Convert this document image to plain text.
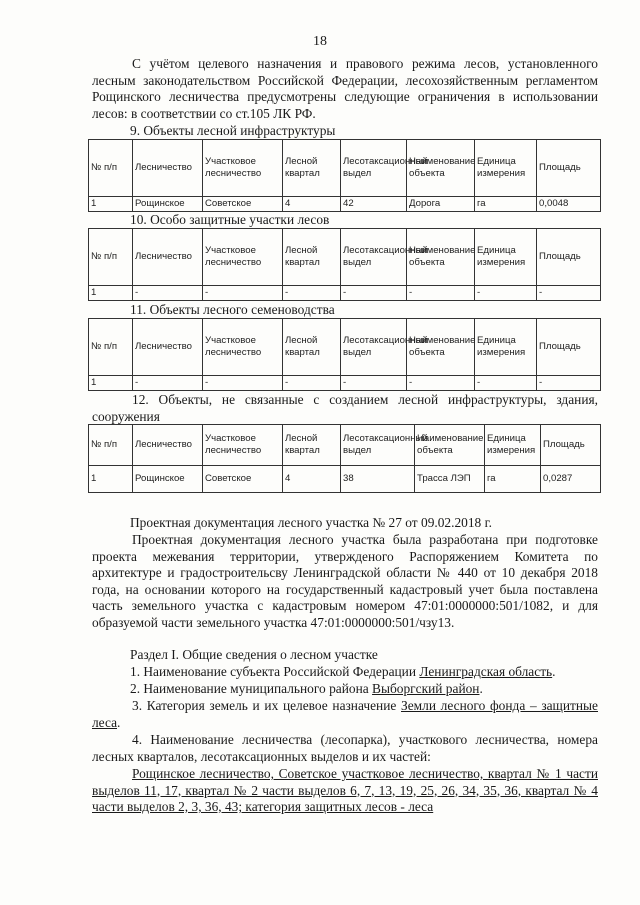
18
С учётом целевого назначения и правового режима лесов, установленного лесным законодательством Российской Федерации, лесохозяйственным регламентом Рощинского лесничества предусмотрены следующие ограничения в использовании лесов: в соответствии со ст.105 ЛК РФ.
9. Объекты лесной инфраструктуры
№ п/п	Лесничество	Участковое лесничество	Лесной квартал	Лесотаксационный выдел	Наименование объекта	Единица измерения	Площадь
1	Рощинское	Советское	4	42	Дорога	га	0,0048
10. Особо защитные участки лесов
№ п/п	Лесничество	Участковое лесничество	Лесной квартал	Лесотаксационный выдел	Наименование объекта	Единица измерения	Площадь
1	-	-	-	-	-	-	-
11. Объекты лесного семеноводства
№ п/п	Лесничество	Участковое лесничество	Лесной квартал	Лесотаксационный выдел	Наименование объекта	Единица измерения	Площадь
1	-	-	-	-	-	-	-
12. Объекты, не связанные с созданием лесной инфраструктуры, здания, сооружения
№ п/п	Лесничество	Участковое лесничество	Лесной квартал	Лесотаксационный выдел	Наименование объекта	Единица измерения	Площадь
1	Рощинское	Советское	4	38	Трасса ЛЭП	га	0,0287
Проектная документация лесного участка № 27 от 09.02.2018 г.
Проектная документация лесного участка была разработана при подготовке проекта межевания территории, утвержденого Распоряжением Комитета по архитектуре и градостроительсву Ленинградской области № 440 от 10 декабря 2018 года, на основании которого на государственный кадастровый учет была поставлена часть земельного участка с кадастровым номером 47:01:0000000:501/1082, и для образуемой части земельного участка 47:01:0000000:501/чзу13.
Раздел I. Общие сведения о лесном участке
1. Наименование субъекта Российской Федерации Ленинградская область.
2. Наименование муниципального района Выборгский район.
3. Категория земель и их целевое назначение Земли лесного фонда – защитные леса.
4. Наименование лесничества (лесопарка), участкового лесничества, номера лесных кварталов, лесотаксационных выделов и их частей:
Рощинское лесничество, Советское участковое лесничество, квартал № 1 части выделов 11, 17, квартал № 2 части выделов 6, 7, 13, 19, 25, 26, 34, 35, 36, квартал № 4 части выделов 2, 3, 36, 43; категория защитных лесов - леса
